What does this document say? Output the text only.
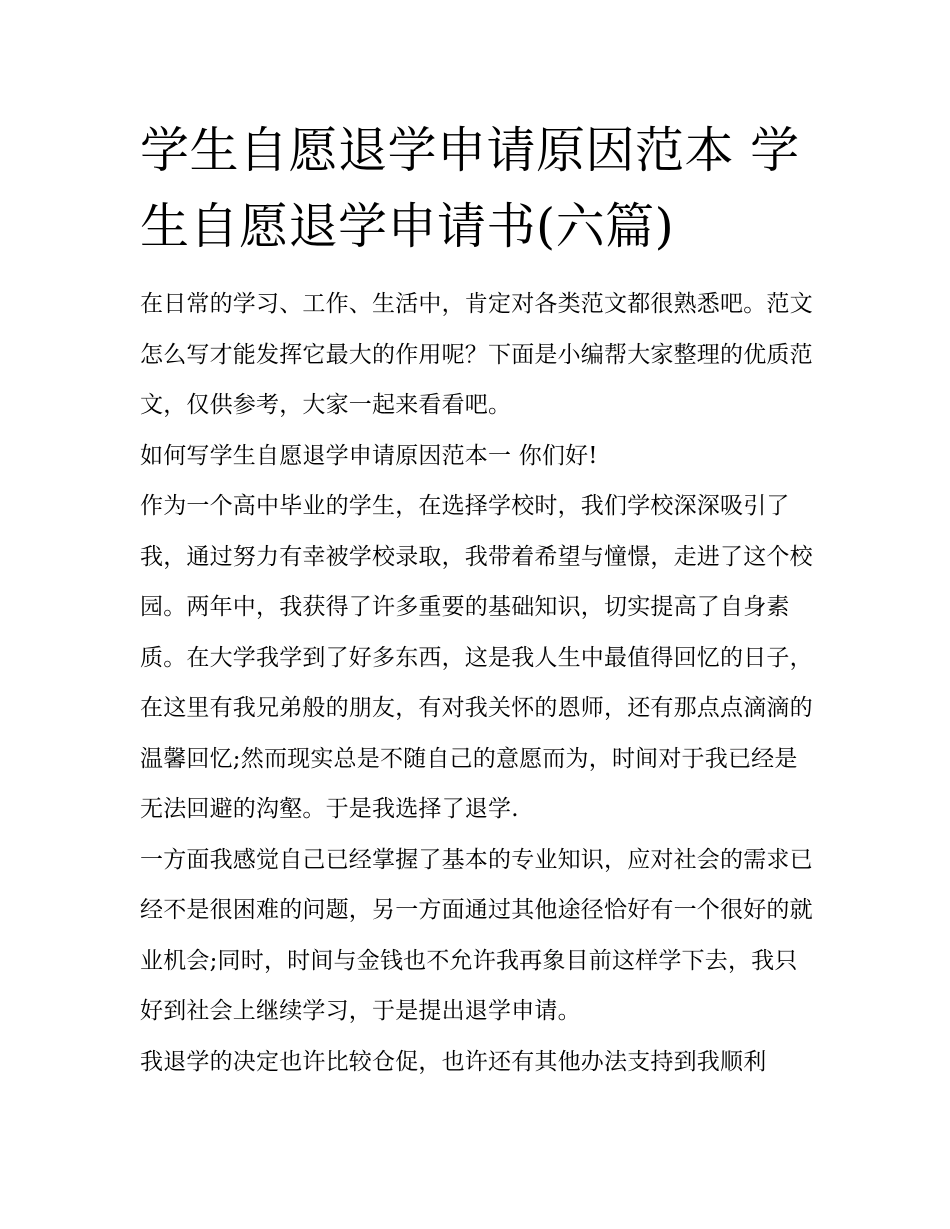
学生自愿退学申请原因范本 学生自愿退学申请书(六篇)

在日常的学习、工作、生活中，肯定对各类范文都很熟悉吧。范文怎么写才能发挥它最大的作用呢？下面是小编帮大家整理的优质范文，仅供参考，大家一起来看看吧。

如何写学生自愿退学申请原因范本一 你们好!

作为一个高中毕业的学生，在选择学校时，我们学校深深吸引了我，通过努力有幸被学校录取，我带着希望与憧憬，走进了这个校园。两年中，我获得了许多重要的基础知识，切实提高了自身素质。在大学我学到了好多东西，这是我人生中最值得回忆的日子，在这里有我兄弟般的朋友，有对我关怀的恩师，还有那点点滴滴的温馨回忆;然而现实总是不随自己的意愿而为，时间对于我已经是无法回避的沟壑。于是我选择了退学.

一方面我感觉自己已经掌握了基本的专业知识，应对社会的需求已经不是很困难的问题，另一方面通过其他途径恰好有一个很好的就业机会;同时，时间与金钱也不允许我再象目前这样学下去，我只好到社会上继续学习，于是提出退学申请。

我退学的决定也许比较仓促，也许还有其他办法支持到我顺利
